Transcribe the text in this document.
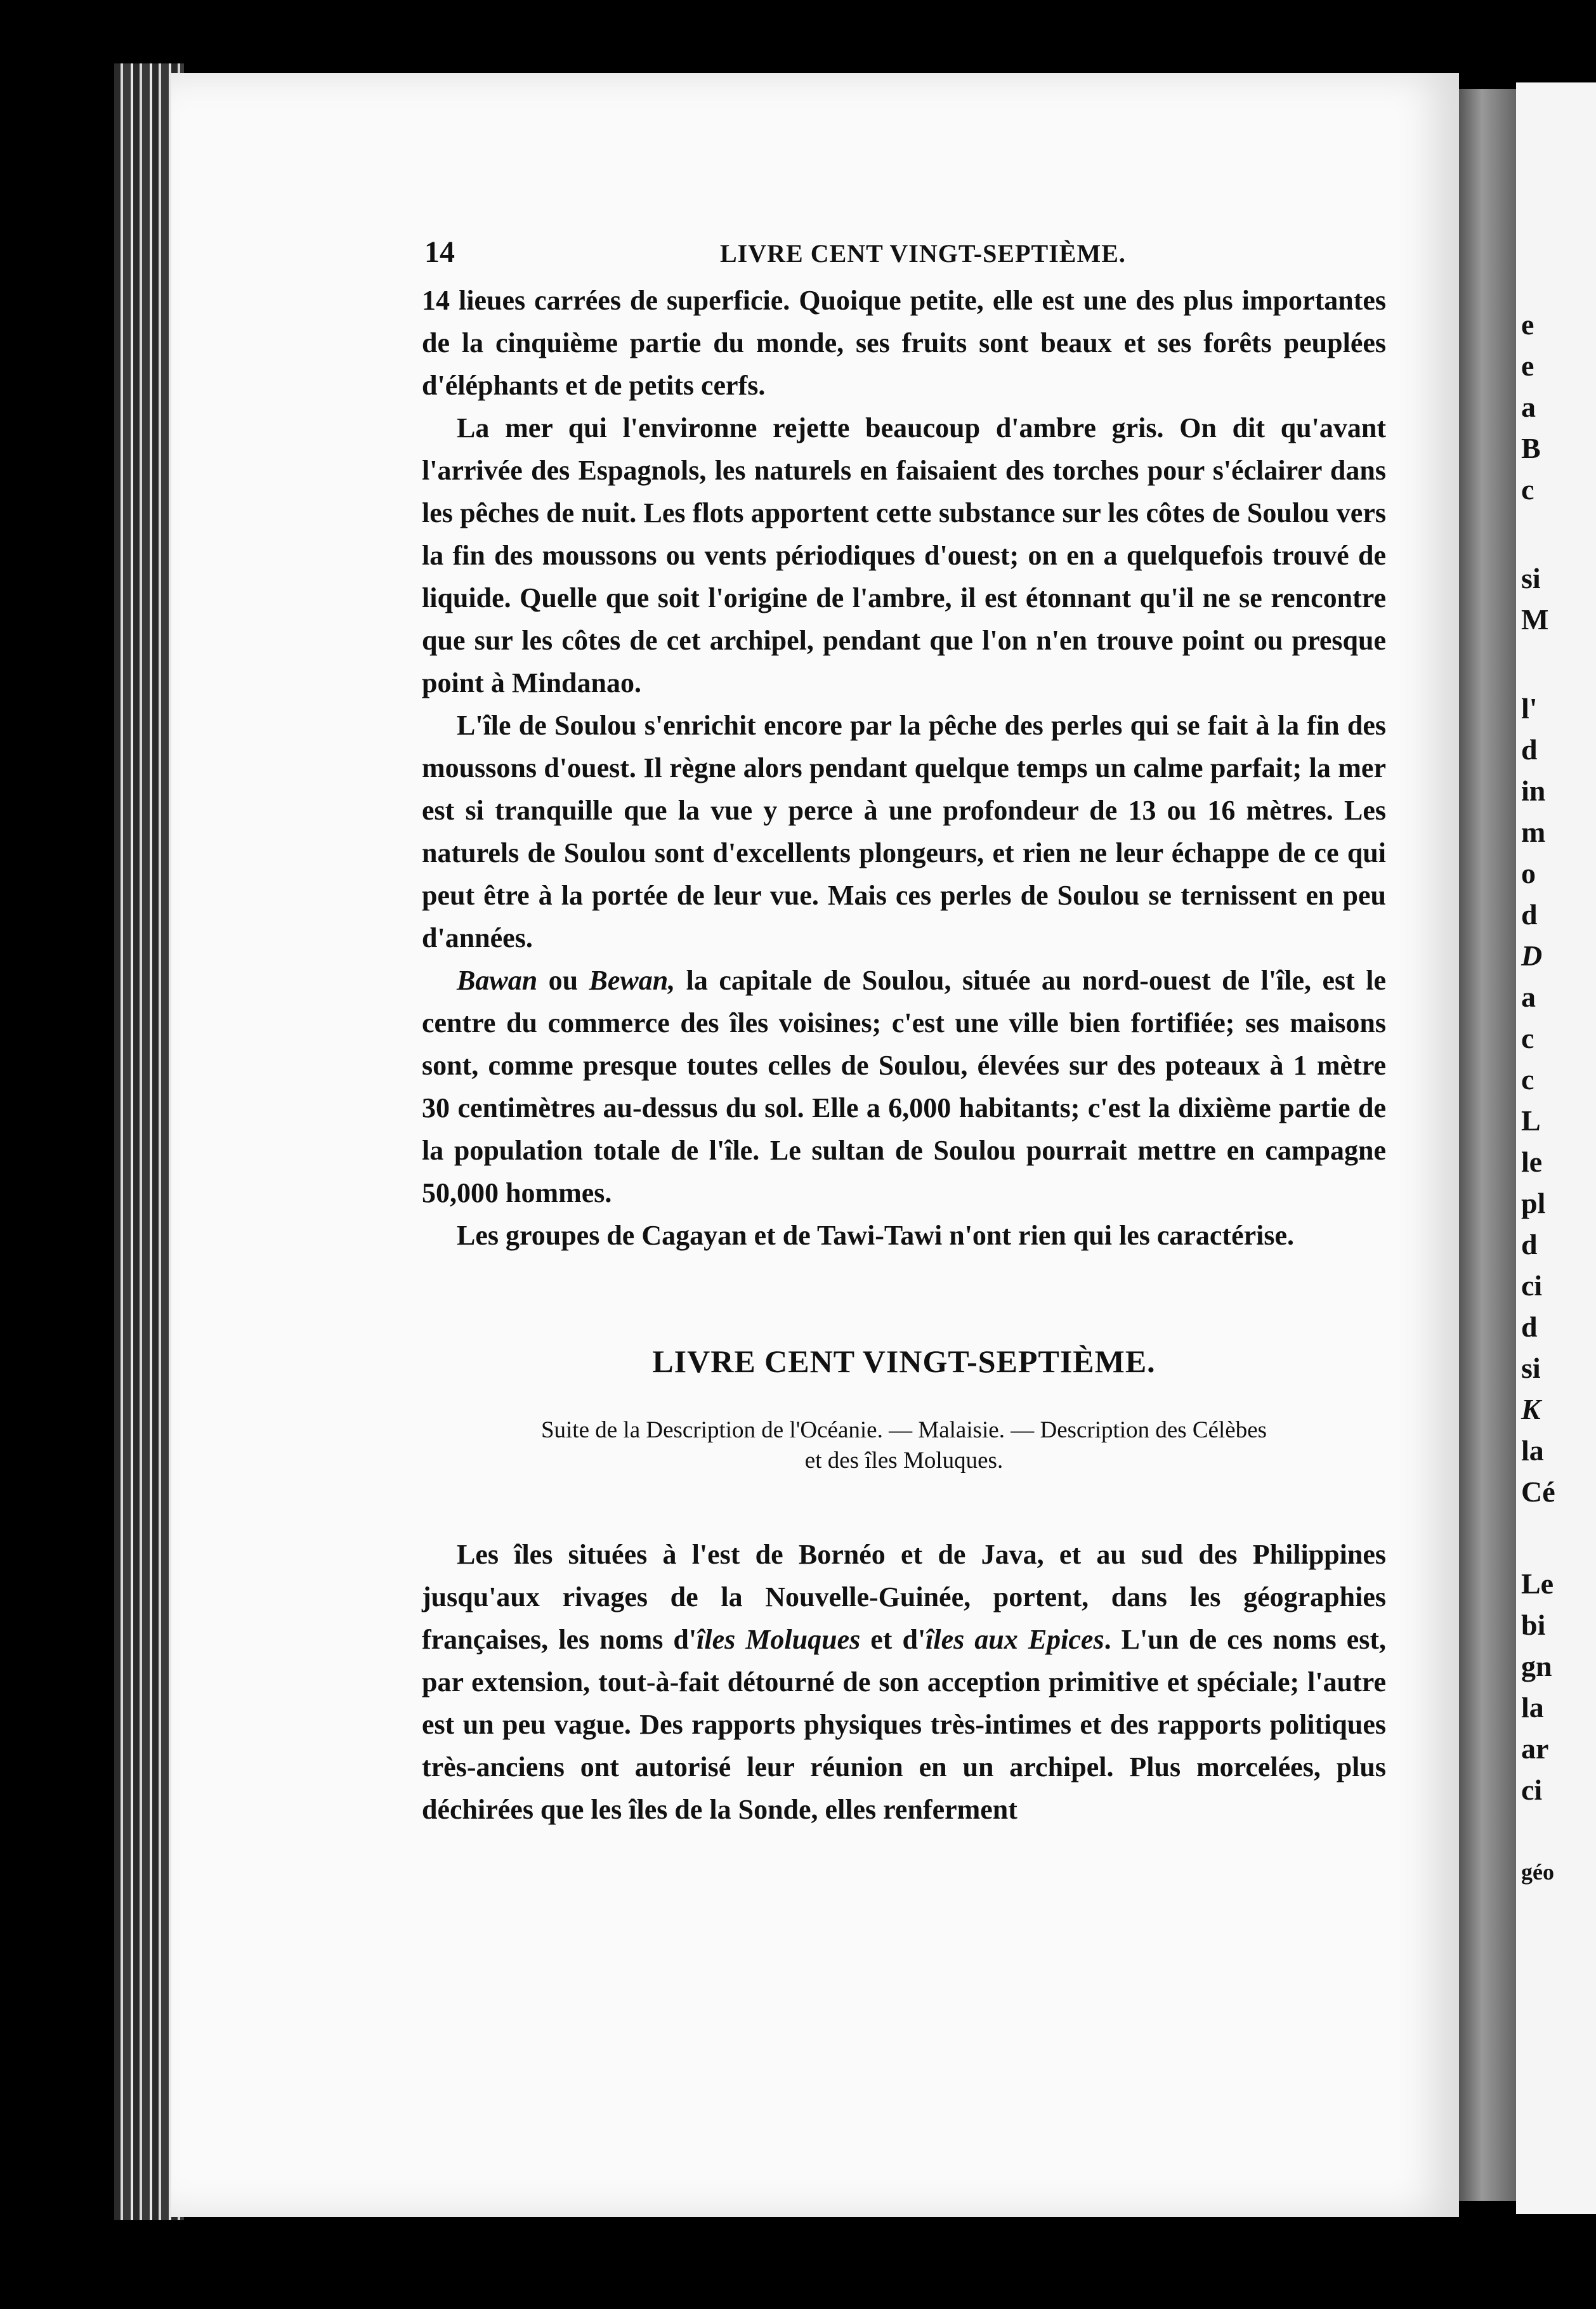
e
e
a
B
c
si
M
l'
d
in
m
o
d
D
a
c
c
L
le
pl
d
ci
d
si
K
la
Cé
Le
bi
gn
la
ar
ci
géo
14	LIVRE CENT VINGT-SEPTIÈME.

14 lieues carrées de superficie. Quoique petite, elle est une des plus importantes de la cinquième partie du monde, ses fruits sont beaux et ses forêts peuplées d'éléphants et de petits cerfs.

La mer qui l'environne rejette beaucoup d'ambre gris. On dit qu'avant l'arrivée des Espagnols, les naturels en faisaient des torches pour s'éclairer dans les pêches de nuit. Les flots apportent cette substance sur les côtes de Soulou vers la fin des moussons ou vents périodiques d'ouest; on en a quelquefois trouvé de liquide. Quelle que soit l'origine de l'ambre, il est étonnant qu'il ne se rencontre que sur les côtes de cet archipel, pendant que l'on n'en trouve point ou presque point à Mindanao.

L'île de Soulou s'enrichit encore par la pêche des perles qui se fait à la fin des moussons d'ouest. Il règne alors pendant quelque temps un calme parfait; la mer est si tranquille que la vue y perce à une profondeur de 13 ou 16 mètres. Les naturels de Soulou sont d'excellents plongeurs, et rien ne leur échappe de ce qui peut être à la portée de leur vue. Mais ces perles de Soulou se ternissent en peu d'années.

Bawan ou Bewan, la capitale de Soulou, située au nord-ouest de l'île, est le centre du commerce des îles voisines; c'est une ville bien fortifiée; ses maisons sont, comme presque toutes celles de Soulou, élevées sur des poteaux à 1 mètre 30 centimètres au-dessus du sol. Elle a 6,000 habitants; c'est la dixième partie de la population totale de l'île. Le sultan de Soulou pourrait mettre en campagne 50,000 hommes.

Les groupes de Cagayan et de Tawi-Tawi n'ont rien qui les caractérise.

LIVRE CENT VINGT-SEPTIÈME.
Suite de la Description de l'Océanie. — Malaisie. — Description des Célèbes
et des îles Moluques.

Les îles situées à l'est de Bornéo et de Java, et au sud des Philippines jusqu'aux rivages de la Nouvelle-Guinée, portent, dans les géographies françaises, les noms d'îles Moluques et d'îles aux Epices. L'un de ces noms est, par extension, tout-à-fait détourné de son acception primitive et spéciale; l'autre est un peu vague. Des rapports physiques très-intimes et des rapports politiques très-anciens ont autorisé leur réunion en un archipel. Plus morcelées, plus déchirées que les îles de la Sonde, elles renferment
